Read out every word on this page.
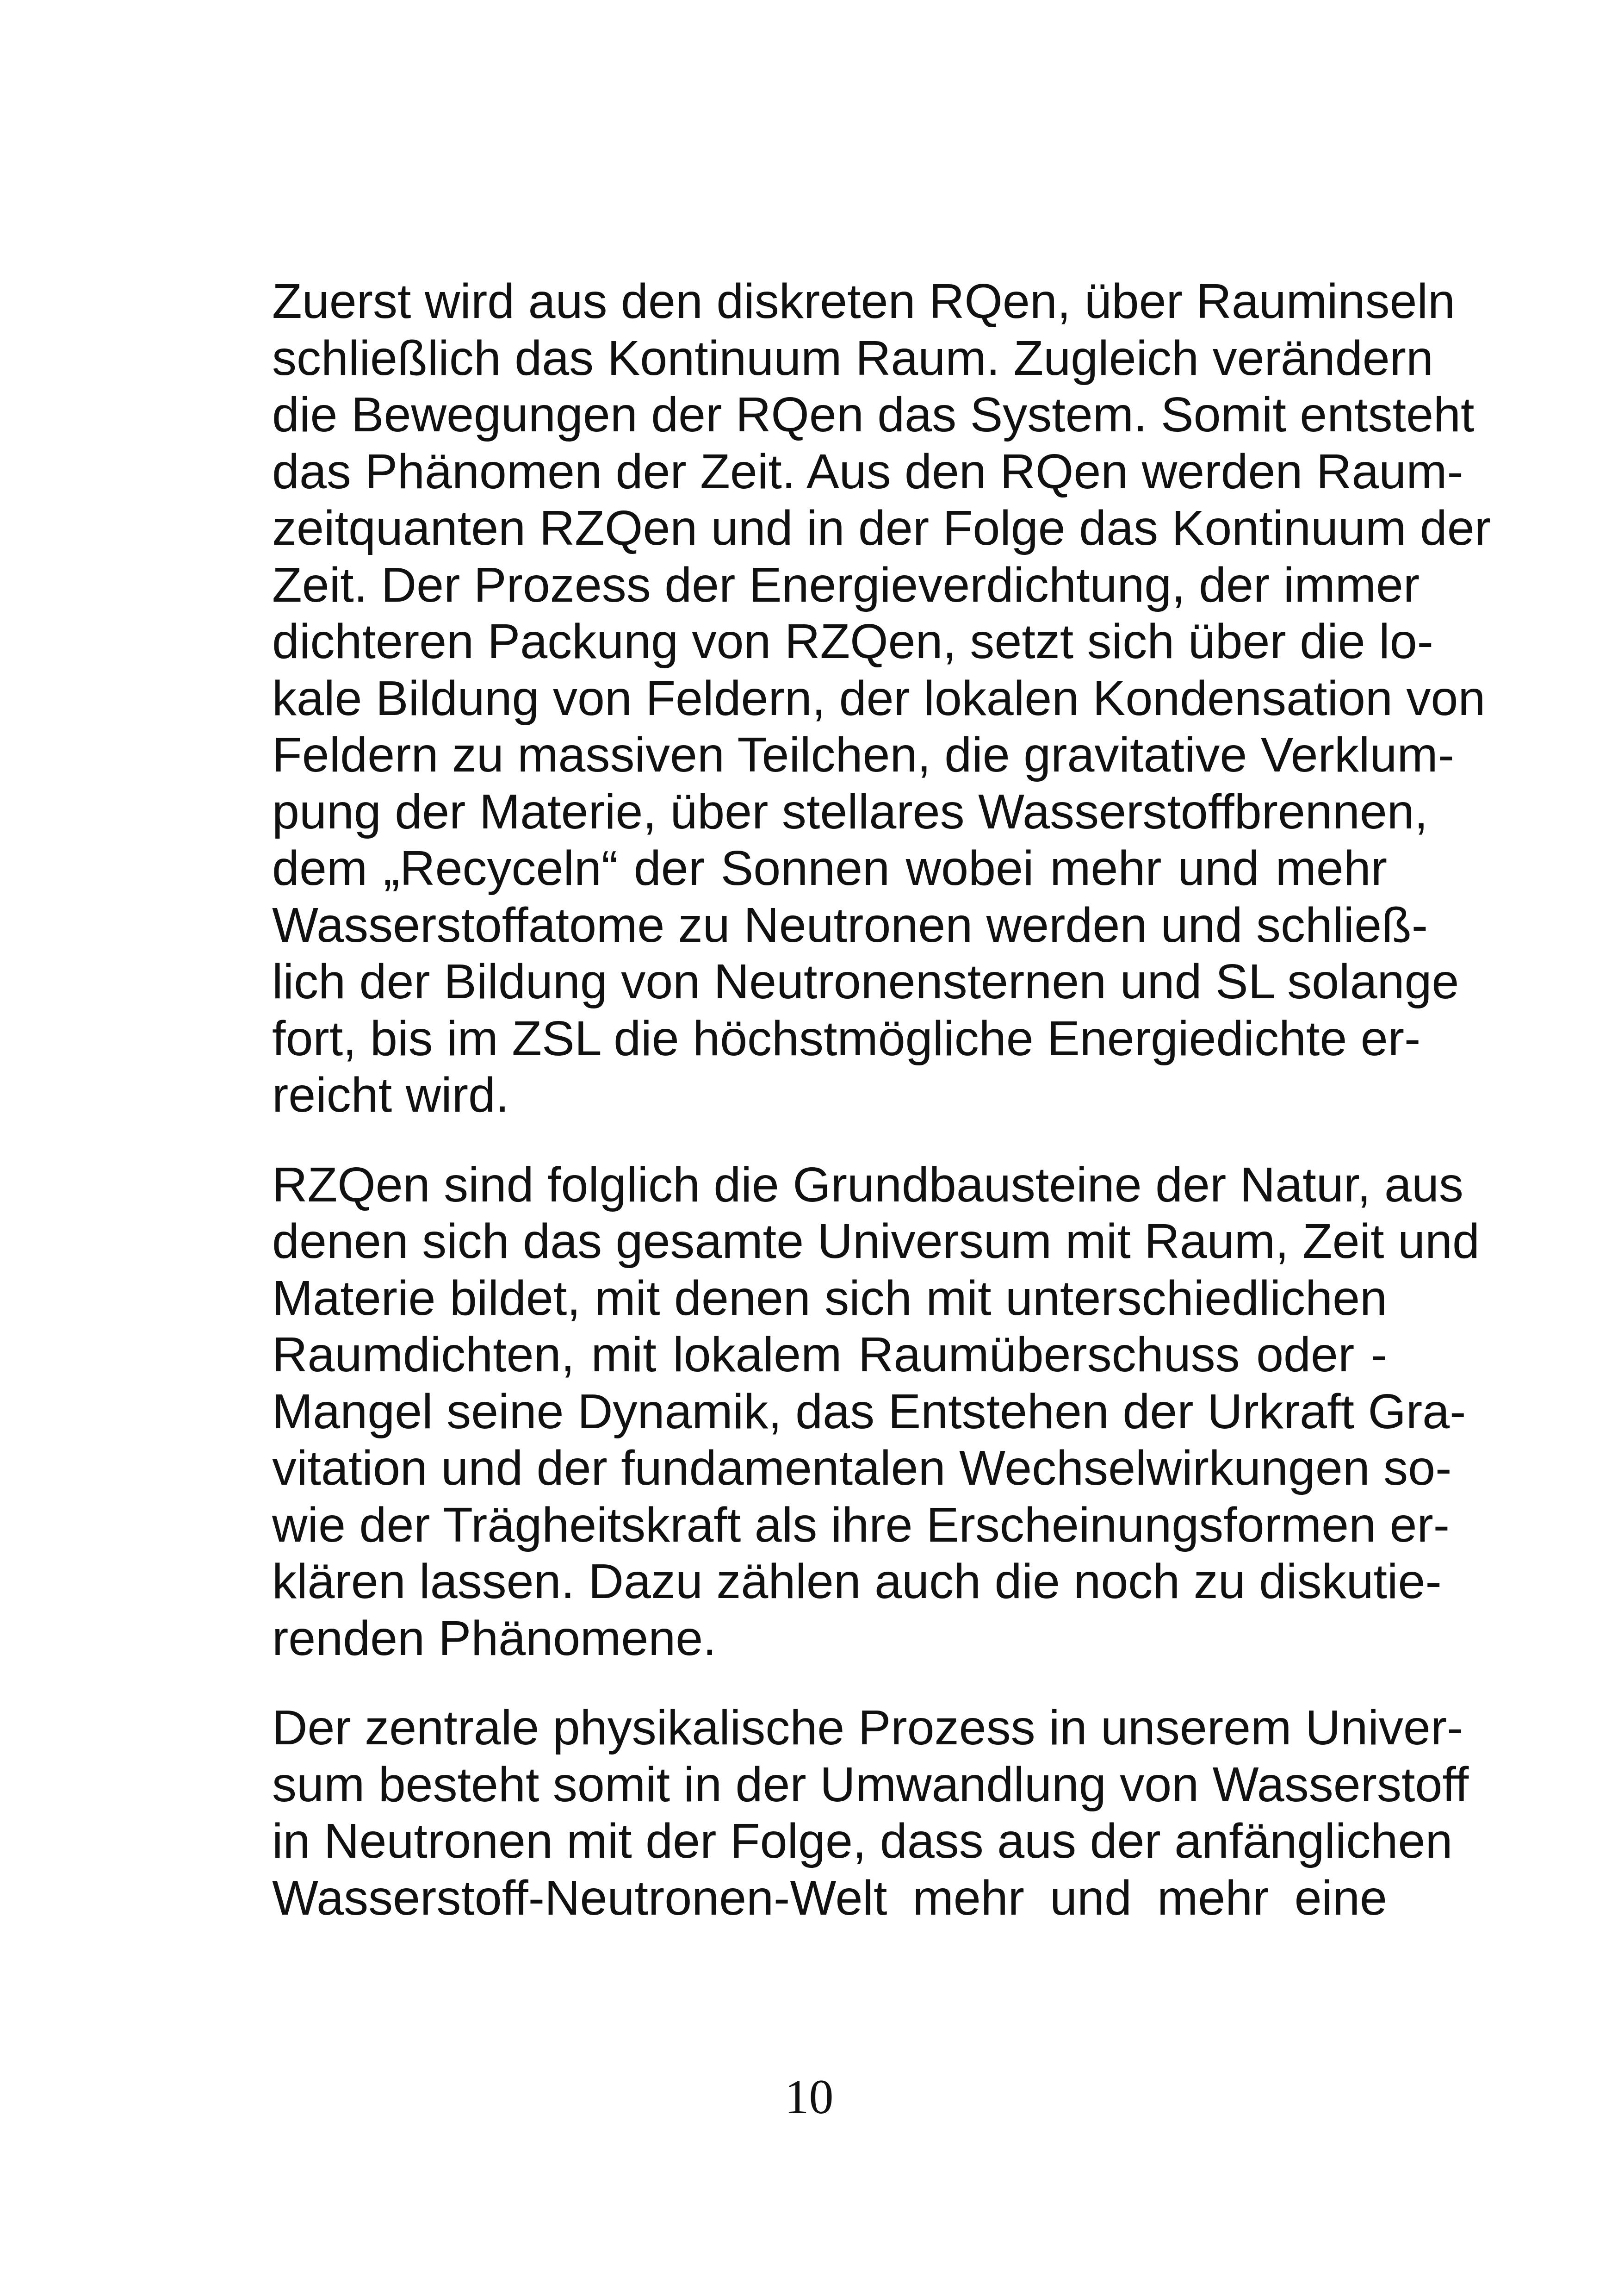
Zuerst wird aus den diskreten RQen, über Rauminseln
schließlich das Kontinuum Raum. Zugleich verändern
die Bewegungen der RQen das System. Somit entsteht
das Phänomen der Zeit. Aus den RQen werden Raum-
zeitquanten RZQen und in der Folge das Kontinuum der
Zeit. Der Prozess der Energieverdichtung, der immer
dichteren Packung von RZQen, setzt sich über die lo-
kale Bildung von Feldern, der lokalen Kondensation von
Feldern zu massiven Teilchen, die gravitative Verklum-
pung der Materie, über stellares Wasserstoffbrennen,
dem „Recyceln“ der Sonnen wobei mehr und mehr
Wasserstoffatome zu Neutronen werden und schließ-
lich der Bildung von Neutronensternen und SL solange
fort, bis im ZSL die höchstmögliche Energiedichte er-
reicht wird.
RZQen sind folglich die Grundbausteine der Natur, aus
denen sich das gesamte Universum mit Raum, Zeit und
Materie bildet, mit denen sich mit unterschiedlichen
Raumdichten, mit lokalem Raumüberschuss oder -
Mangel seine Dynamik, das Entstehen der Urkraft Gra-
vitation und der fundamentalen Wechselwirkungen so-
wie der Trägheitskraft als ihre Erscheinungsformen er-
klären lassen. Dazu zählen auch die noch zu diskutie-
renden Phänomene.
Der zentrale physikalische Prozess in unserem Univer-
sum besteht somit in der Umwandlung von Wasserstoff
in Neutronen mit der Folge, dass aus der anfänglichen
Wasserstoff-Neutronen-Welt mehr und mehr eine
10
